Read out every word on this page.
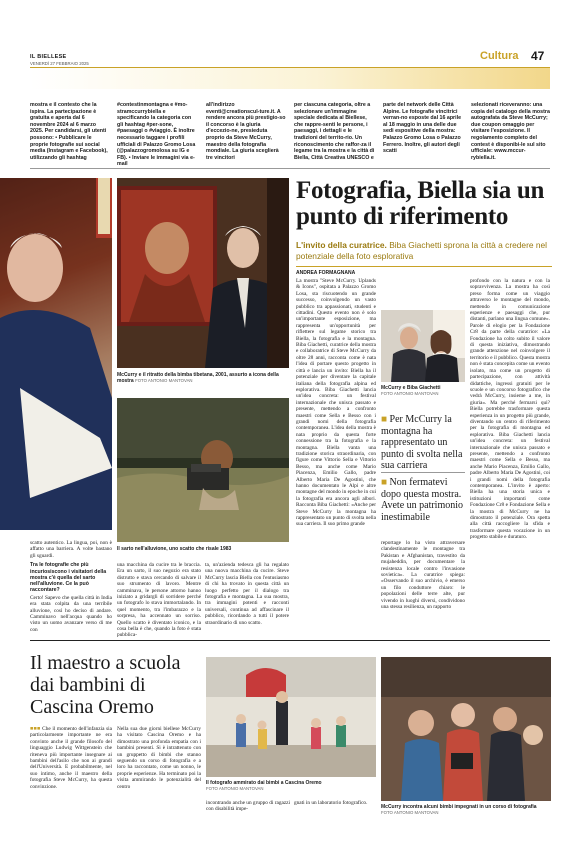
IL BIELLESE
VENERDÌ 27 FEBBRAIO 2025
Cultura 47
mostra e il contesto che la ispira. La partecipazione è gratuita e aperta dal 6 novembre 2024 al 6 marzo 2025. Per candidarsi, gli utenti possono: • Pubblicare le proprie fotografie sui social media (Instagram e Facebook), utilizzando gli hashtag
#contestinmontagna e #mo-stramccurrybiella e specificando la categoria con gli hashtag #per-sone, #paesaggi o #viaggio. È inoltre necessario taggare i profili ufficiali di Palazzo Gromo Losa (@palazzogromolosa su IG e FB). • Inviare le immagini via e-mail
all'indirizzo eventi@creationscul-ture.it. A rendere ancora più prestigio-so il concorso è la giuria d'eccezio-ne, presieduta proprio da Steve McCurry, maestro della fotografia mondiale. La giuria sceglierà tre vincitori
per ciascuna categoria, oltre a selezionare un'immagine speciale dedicata al Biellese, che rappre-senti le persone, i paesaggi, i dettagli e le tradizioni del territo-rio. Un riconoscimento che raffor-za il legame tra la mostra e la città di Biella, Città Creativa UNESCO e
parte del network delle Città Alpine. Le fotografie vincitrici verran-no esposte dal 16 aprile al 18 maggio in una delle due sedi espositive della mostra: Palazzo Gromo Losa o Palazzo Ferrero. Inoltre, gli autori degli scatti
selezionati riceveranno: una copia del catalogo della mostra autografata da Steve McCurry; due coupon omaggio per visitare l'esposizione. Il regolamento completo del contest è disponibi-le sul sito ufficiale: www.mccur-rybiella.it.
McCurry e il ritratto della bimba tibetana, 2001, assurto a icona della mostra FOTO ANTONIO MANTOVAN
Il sarto nell'alluvione, uno scatto che risale 1983
McCurry e Biba Giachetti
FOTO ANTONIO MANTOVAN
Fotografia, Biella sia un punto di riferimento
L'invito della curatrice. Biba Giachetti sprona la città a credere nel potenziale della foto esplorativa
ANDREA FORMAGNANA
La mostra "Steve McCurry. Uplands & Icons", ospitata a Palazzo Gromo Losa, sta riscuotendo un grande successo, coinvolgendo un vasto pubblico tra appassionati, studenti e cittadini. Questo evento non è solo un'importante esposizione, ma rappresenta un'opportunità per riflettere sul legame storico tra Biella, la fotografia e la montagna. Biba Giachetti, curatrice della mostra e collaboratrice di Steve McCurry da oltre 28 anni, racconta come è nata l'idea di portare questo progetto in città e lancia un invito: Biella ha il potenziale per diventare la capitale italiana della fotografia alpina ed esplorativa. Biba Giachetti lancia un'idea concreta: un festival internazionale che unisca passato e presente, mettendo a confronto maestri come Sella e Besso con i grandi nomi della fotografia contemporanea. L'idea della mostra è nata proprio da questa forte connessione tra la fotografia e la montagna. Biella vanta una tradizione storica straordinaria, con figure come Vittorio Sella e Vittorio Besso, ma anche come Mario Piacenza, Emilio Gallo, padre Alberto Maria De Agostini, che hanno documentato le Alpi e altre montagne del mondo in epoche in cui la fotografia era ancora agli albori. Racconta Biba Giachetti: «Anche per Steve McCurry la montagna ha rappresentato un punto di svolta nella sua carriera. Il suo primo grande
■ Per McCurry la montagna ha rappresentato un punto di svolta nella sua carriera
■ Non fermatevi dopo questa mostra. Avete un patrimonio inestimabile
reportage lo ha visto attraversare clandestinamente le montagne tra Pakistan e Afghanistan, travestito da mujaheddin, per documentare la resistenza locale contro l'invasione sovietica». La curatrice spiega: «Osservando il suo archivio, è emerso un filo conduttore chiaro: le popolazioni delle terre alte, pur vivendo in luoghi diversi, condividono una stessa resilienza, un rapporto
profondo con la natura e con la sopravvivenza. La mostra ha così preso forma come un viaggio attraverso le montagne del mondo, mettendo in comunicazione esperienze e paesaggi che, pur distanti, parlano una lingua comune». Parole di elogio per la Fondazione Cr8 da parte della curatrice: «La Fondazione ha colto subito il valore di questa iniziativa, dimostrando grande attenzione nel coinvolgere il territorio e il pubblico. Questa mostra non è stata concepita come un evento isolato, ma come un progetto di partecipazione, con attività didattiche, ingressi gratuiti per le scuole e un concorso fotografico che vedrà McCurry, insieme a me, in giuria». Ma perché fermarsi qui? Biella potrebbe trasformare questa esperienza in un progetto più grande, diventando un centro di riferimento per la fotografia di montagna ed esplorativa. Biba Giachetti lancia un'idea concreta: un festival internazionale che unisca passato e presente, mettendo a confronto maestri come Sella e Besso, ma anche Mario Piacenza, Emilio Gallo, padre Alberto Maria De Agostini, coi i grandi nomi della fotografia contemporanea. L'invito è aperto: Biella ha una storia unica e istituzioni importanti come Fondazione Cr8 e Fondazione Sella e la mostra di McCurry ne ha dimostrato il potenziale. Ora spetta alla città raccogliere la sfida e trasformare questa vocazione in un progetto stabile e duraturo.
scatto autentico. La lingua, poi, non è affatto una barriera. A volte bastano gli sguardi.
Tra le fotografie che più incuriosiscono i visitatori della mostra c'è quella del sarto nell'alluvione. Ce la può raccontare?
Certo! Sapevo che quella città in India era stata colpita da una terribile alluvione, così ho deciso di andare. Camminavo nell'acqua quando ho visto un uomo avanzare verso di me con
una macchina da cucire tra le braccia. Era un sarto, il suo negozio era stato distrutto e stava cercando di salvare il suo strumento di lavoro. Mentre camminava, le persone attorno hanno iniziato a gridargli di sorridere perché un fotografo lo stava immortalando. In quel momento, tra l'imbarazzo e la sorpresa, ha accennato un sorriso. Quello scatto è diventato iconico, e la cosa bella è che, quando la foto è stata pubblica-
ta, un'azienda tedesca gli ha regalato una nuova macchina da cucire. Steve McCurry lascia Biella con l'entusiasmo di chi ha trovato in questa città un luogo perfetto per il dialogo tra fotografia e montagna. La sua mostra, tra immagini potenti e racconti universali, continua ad affascinare il pubblico, ricordando a tutti il potere straordinario di uno scatto.
Il maestro a scuola dai bambini di Cascina Oremo
■■■ Che il momento dell'infanzia sia particolarmente importante ne era convinto anche il grande filosofo del linguaggio Ludwig Wittgenstein che riteneva più importante insegnare ai bambini dell'asilo che non ai grandi dell'Università. E probabilmente, nel suo intimo, anche il maestro della fotografia Steve McCurry, ha questa convinzione.
Nella sua due giorni biellese McCurry ha visitato Cascina Oremo e ha dimostrato una profonda empatia con i bambini presenti. Si è intrattenuto con un gruppetto di bimbi che stanno seguendo un corso di fotografia e a loro ha raccontato, come un nonno, le proprie esperienze. Ha terminato poi la visita ammirando le potenzialità del centro
Il fotografo ammirato dai bimbi a Cascina Oremo
FOTO ANTONIO MANTOVAN
incontrando anche un gruppo di ragazzi con disabilità impe-
gnati in un laboratorio fotografico.
McCurry incontra alcuni bimbi impegnati in un corso di fotografia
FOTO ANTONIO MANTOVAN
